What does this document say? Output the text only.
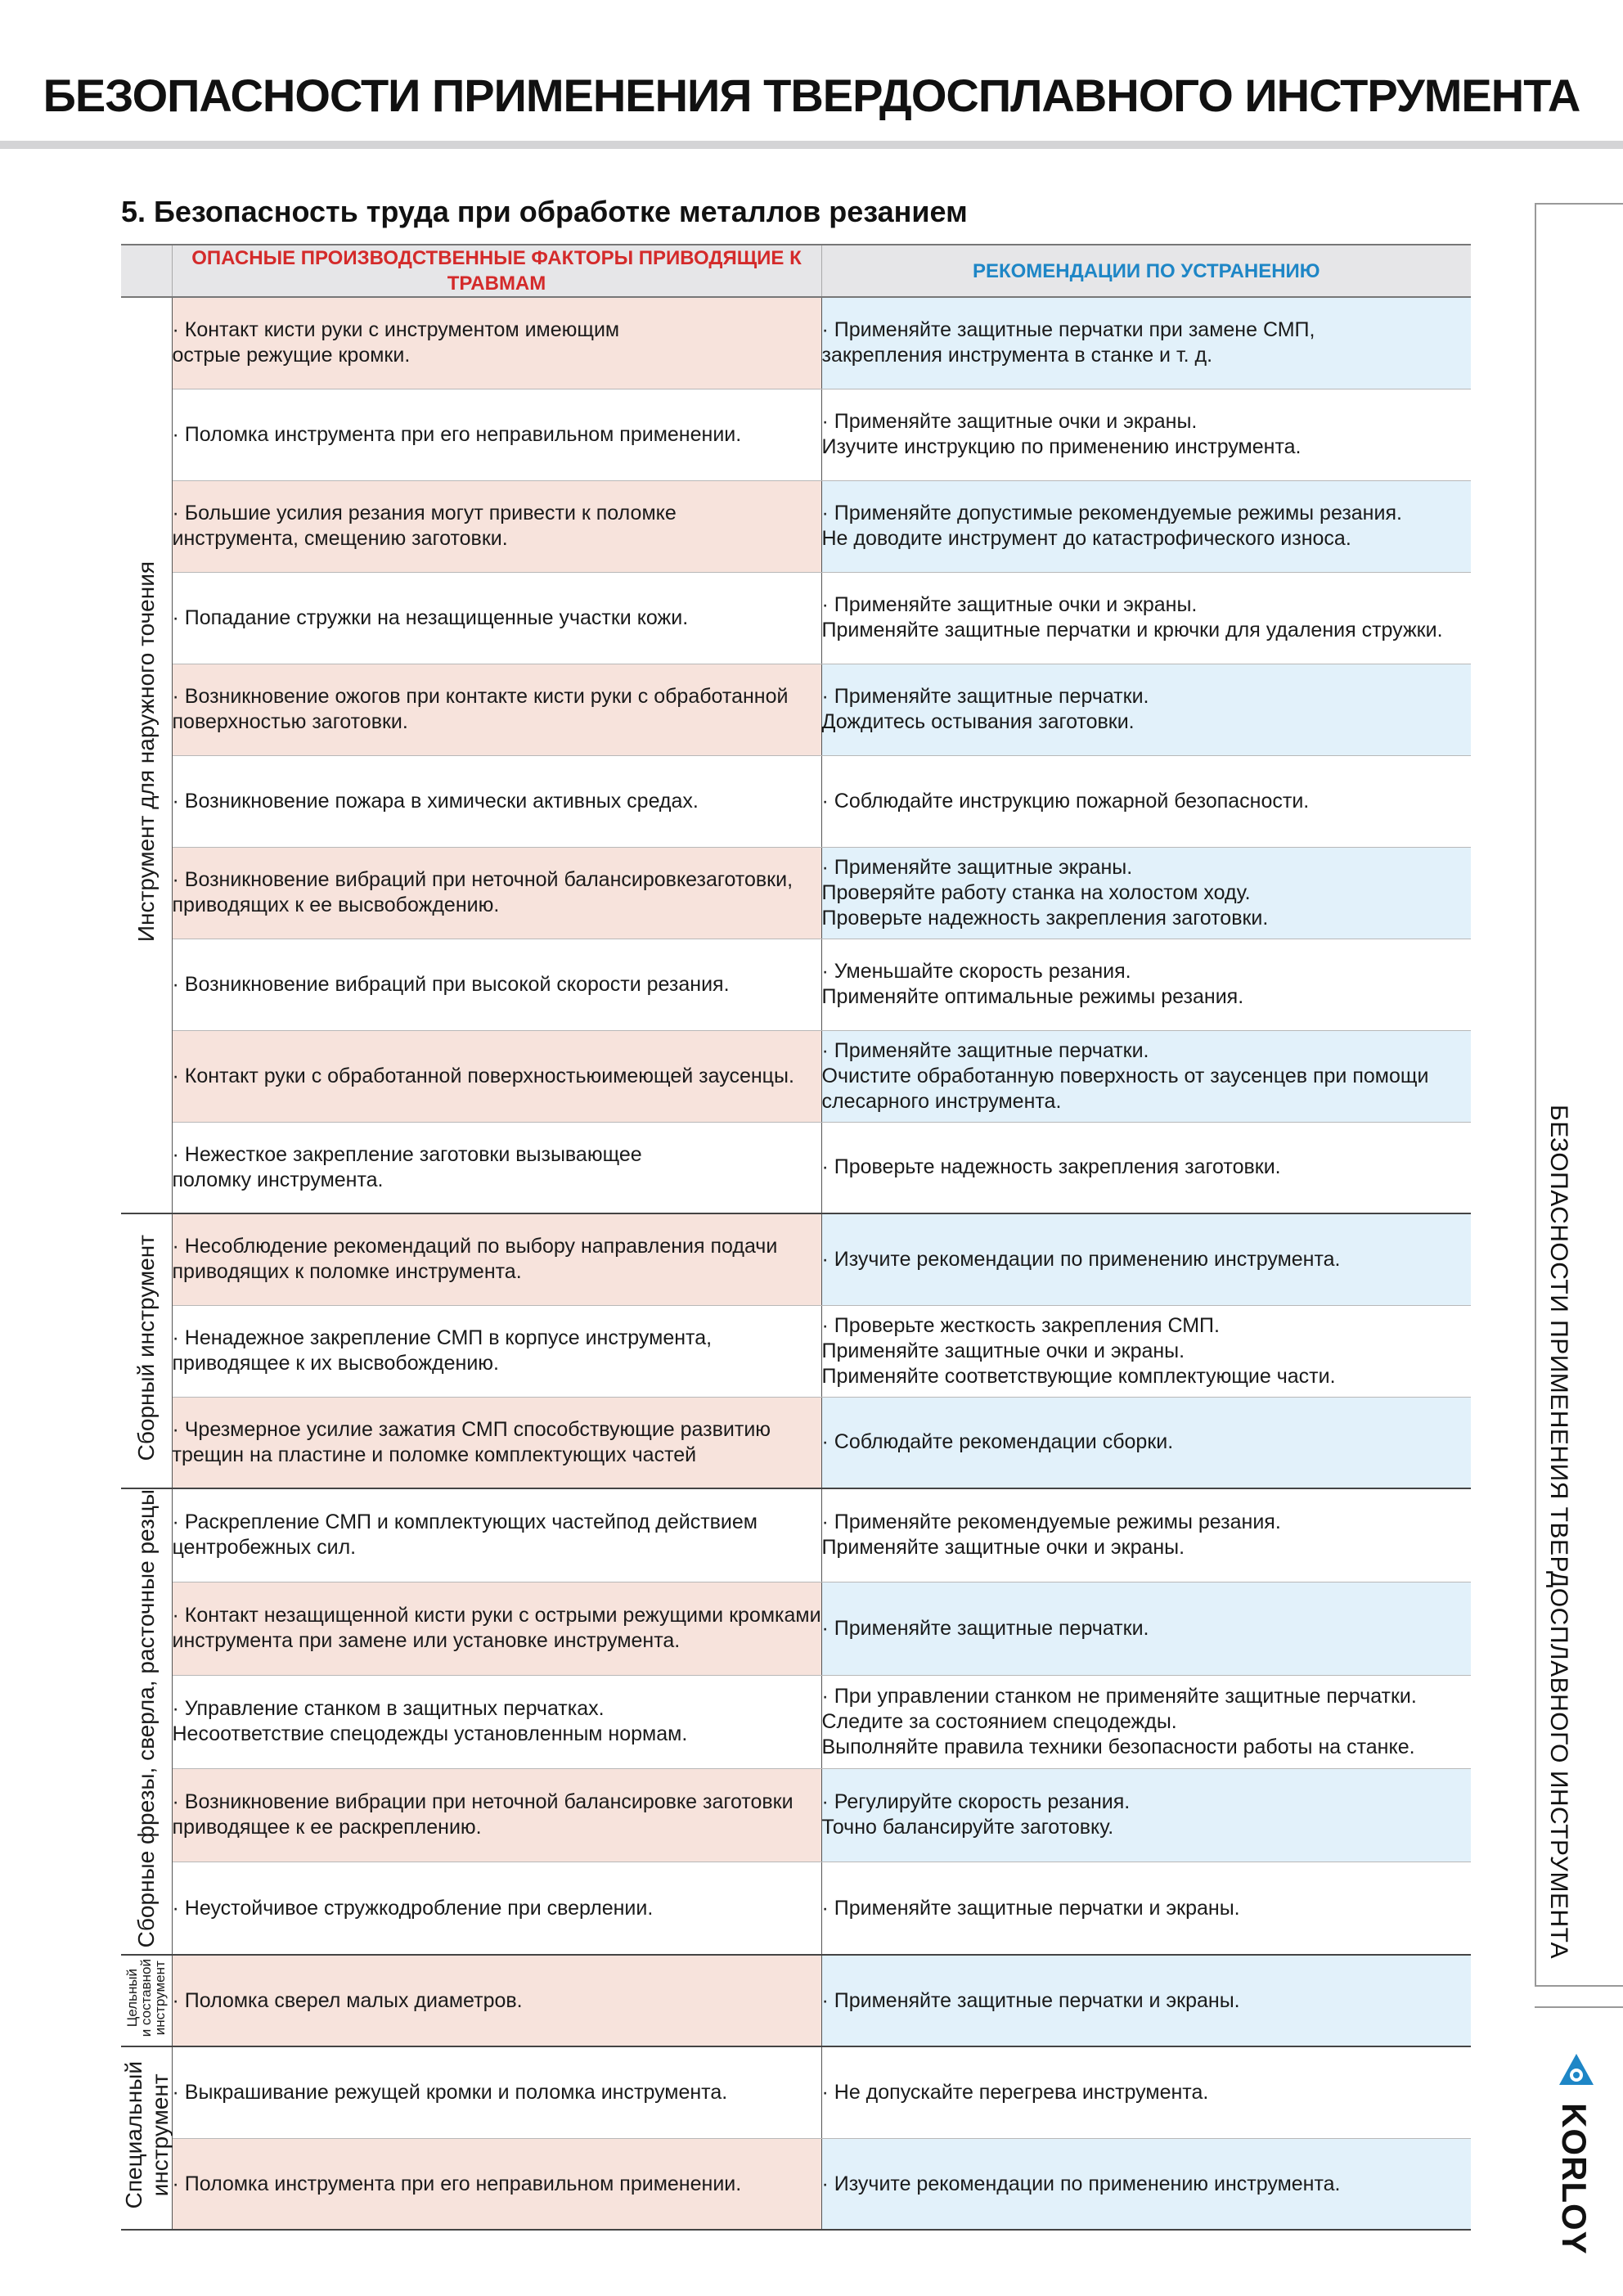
БЕЗОПАСНОСТИ ПРИМЕНЕНИЯ ТВЕРДОСПЛАВНОГО ИНСТРУМЕНТА
5. Безопасность труда при обработке металлов резанием
	ОПАСНЫЕ ПРОИЗВОДСТВЕННЫЕ ФАКТОРЫ ПРИВОДЯЩИЕ К ТРАВМАМ	РЕКОМЕНДАЦИИ ПО УСТРАНЕНИЮ

Инструмент для наружного точения	· Контакт кисти руки с инструментом имеющим
острые режущие кромки.	· Применяйте защитные перчатки при замене СМП,
закрепления инструмента в станке и т. д.

	· Поломка инструмента при его неправильном применении.	· Применяйте защитные очки и экраны.
Изучите инструкцию по применению инструмента.

	· Большие усилия резания могут привести к поломке
инструмента, смещению заготовки.	· Применяйте допустимые рекомендуемые режимы резания.
Не доводите инструмент до катастрофического износа.

	· Попадание стружки на незащищенные участки кожи.	· Применяйте защитные очки и экраны.
Применяйте защитные перчатки и крючки для удаления стружки.

	· Возникновение ожогов при контакте кисти руки с обработанной
поверхностью заготовки.	· Применяйте защитные перчатки.
Дождитесь остывания заготовки.

	· Возникновение пожара в химически активных средах.	· Соблюдайте инструкцию пожарной безопасности.

	· Возникновение вибраций при неточной балансировкезаготовки,
приводящих к ее высвобождению.	· Применяйте защитные экраны.
Проверяйте работу станка на холостом ходу.
Проверьте надежность закрепления заготовки.

	· Возникновение вибраций при высокой скорости резания.	· Уменьшайте скорость резания.
Применяйте оптимальные режимы резания.

	· Контакт руки с обработанной поверхностьюимеющей заусенцы.	· Применяйте защитные перчатки.
Очистите обработанную поверхность от заусенцев при помощи
слесарного инструмента.

	· Нежесткое закрепление заготовки вызывающее
поломку инструмента.	· Проверьте надежность закрепления заготовки.

Сборный инструмент	· Несоблюдение рекомендаций по выбору направления подачи
приводящих к поломке инструмента.	· Изучите рекомендации по применению инструмента.

	· Ненадежное закрепление СМП в корпусе инструмента,
приводящее к их высвобождению.	· Проверьте жесткость закрепления СМП.
Применяйте защитные очки и экраны.
Применяйте соответствующие комплектующие части.

	· Чрезмерное усилие зажатия СМП способствующие развитию
трещин на пластине и поломке комплектующих частей	· Соблюдайте рекомендации сборки.

Сборные фрезы, сверла, расточные резцы	· Раскрепление СМП и комплектующих частейпод действием
центробежных сил.	· Применяйте рекомендуемые режимы резания.
Применяйте защитные очки и экраны.

	· Контакт незащищенной кисти руки с острыми режущими кромками
инструмента при замене или установке инструмента.	· Применяйте защитные перчатки.

	· Управление станком в защитных перчатках.
Несоответствие спецодежды установленным нормам.	· При управлении станком не применяйте защитные перчатки.
Следите за состоянием спецодежды.
Выполняйте правила техники безопасности работы на станке.

	· Возникновение вибрации при неточной балансировке заготовки
приводящее к ее раскреплению.	· Регулируйте скорость резания.
Точно балансируйте заготовку.

	· Неустойчивое стружкодробление при сверлении.	· Применяйте защитные перчатки и экраны.

Цельный
и составной
инструмент	· Поломка сверел малых диаметров.	· Применяйте защитные перчатки и экраны.

Специальный инструмент	· Выкрашивание режущей кромки и поломка инструмента.	· Не допускайте перегрева инструмента.

	· Поломка инструмента при его неправильном применении.	· Изучите рекомендации по применению инструмента.
БЕЗОПАСНОСТИ ПРИМЕНЕНИЯ ТВЕРДОСПЛАВНОГО ИНСТРУМЕНТА
KORLOY
